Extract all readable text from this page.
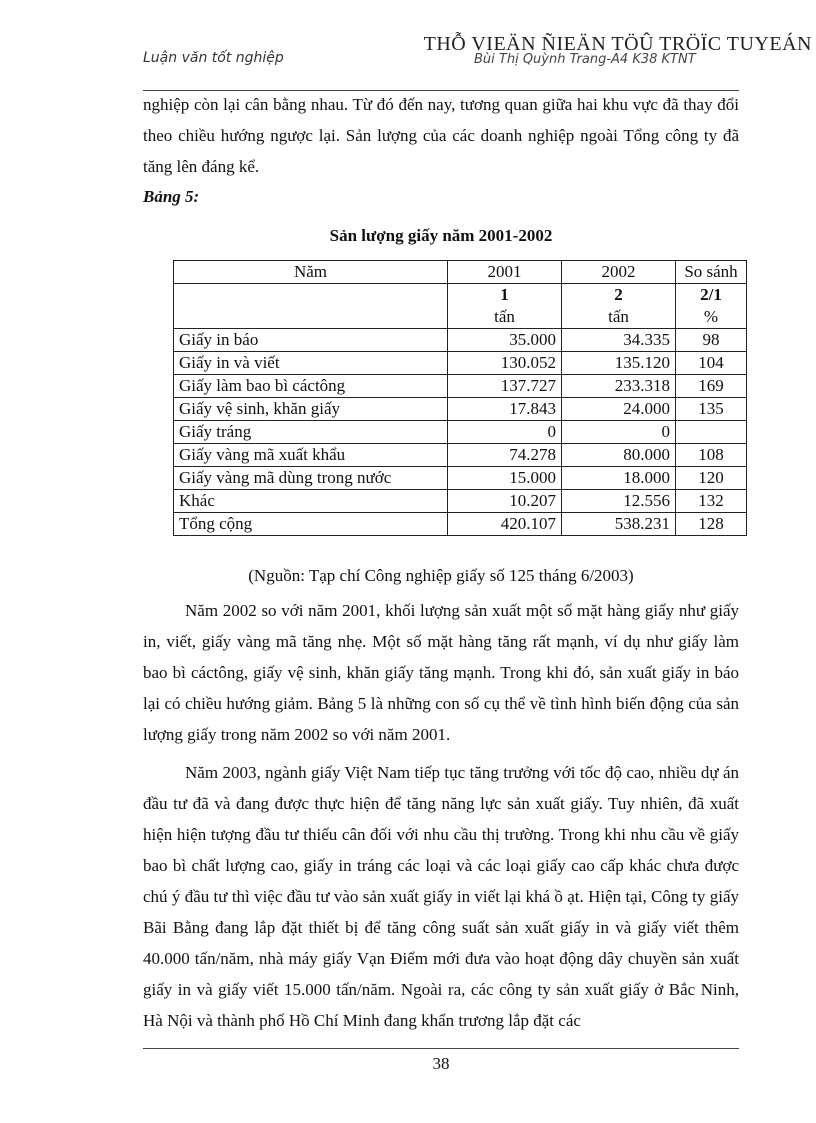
Luận văn tốt nghiệp
THỖ VIEÄN ÑIEÄN TÖÛ TRÖÏC TUYEÁN
Bùi Thị Quỳnh Trang-A4 K38 KTNT

nghiệp còn lại cân bằng nhau. Từ đó đến nay, tương quan giữa hai khu vực đã thay đổi theo chiều hướng ngược lại. Sản lượng của các doanh nghiệp ngoài Tổng công ty đã tăng lên đáng kể.

Bảng 5:
Sản lượng giấy năm 2001-2002
Năm	2001	2002	So sánh
	1	2	2/1
	tấn	tấn	%
Giấy in báo	35.000	34.335	98
Giấy in và viết	130.052	135.120	104
Giấy làm bao bì cáctông	137.727	233.318	169
Giấy vệ sinh, khăn giấy	17.843	24.000	135
Giấy tráng	0	0	
Giấy vàng mã xuất khẩu	74.278	80.000	108
Giấy vàng mã dùng trong nước	15.000	18.000	120
Khác	10.207	12.556	132
Tổng cộng	420.107	538.231	128
(Nguồn: Tạp chí Công nghiệp giấy số 125 tháng 6/2003)

Năm 2002 so với năm 2001, khối lượng sản xuất một số mặt hàng giấy như giấy in, viết, giấy vàng mã tăng nhẹ. Một số mặt hàng tăng rất mạnh, ví dụ như giấy làm bao bì cáctông, giấy vệ sinh, khăn giấy tăng mạnh. Trong khi đó, sản xuất giấy in báo lại có chiều hướng giảm. Bảng 5 là những con số cụ thể về tình hình biến động của sản lượng giấy trong năm 2002 so với năm 2001.

Năm 2003, ngành giấy Việt Nam tiếp tục tăng trưởng với tốc độ cao, nhiều dự án đầu tư đã và đang được thực hiện để tăng năng lực sản xuất giấy. Tuy nhiên, đã xuất hiện hiện tượng đầu tư thiếu cân đối với nhu cầu thị trường. Trong khi nhu cầu về giấy bao bì chất lượng cao, giấy in tráng các loại và các loại giấy cao cấp khác chưa được chú ý đầu tư thì việc đầu tư vào sản xuất giấy in viết lại khá ồ ạt. Hiện tại, Công ty giấy Bãi Bằng đang lắp đặt thiết bị để tăng công suất sản xuất giấy in và giấy viết thêm 40.000 tấn/năm, nhà máy giấy Vạn Điểm mới đưa vào hoạt động dây chuyền sản xuất giấy in và giấy viết 15.000 tấn/năm. Ngoài ra, các công ty sản xuất giấy ở Bắc Ninh, Hà Nội và thành phố Hồ Chí Minh đang khẩn trương lắp đặt các

38
